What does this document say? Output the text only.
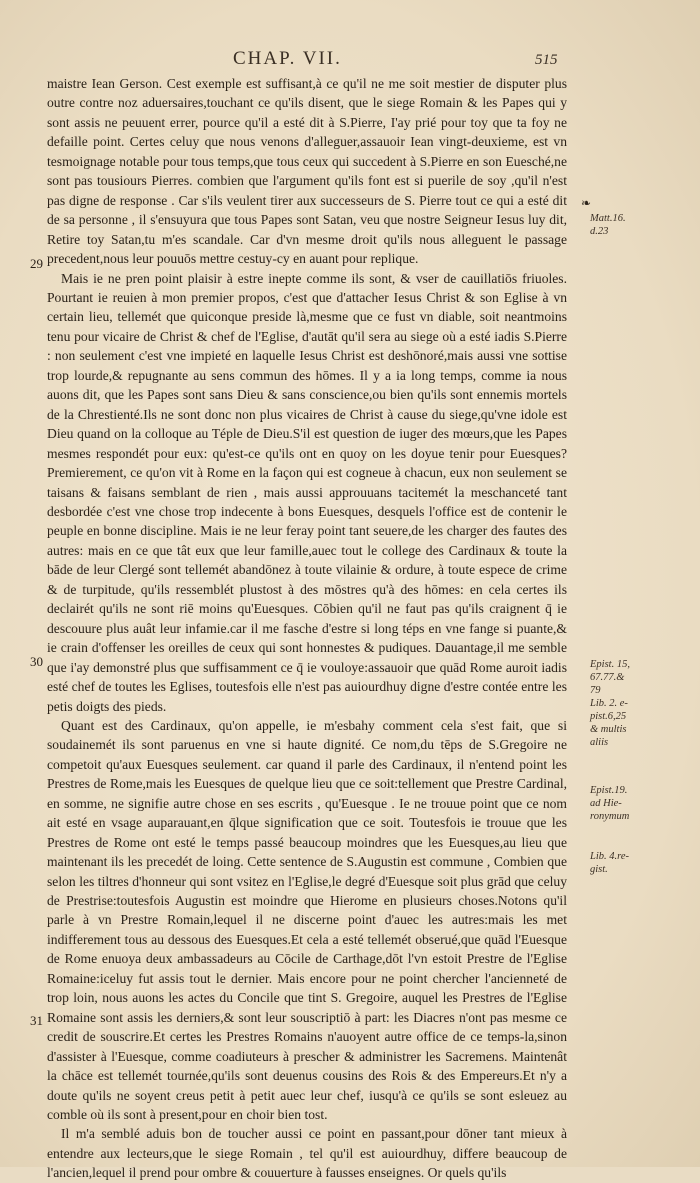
CHAP. VII.	515

maistre Iean Gerson. Cest exemple est suffisant,à ce qu'il ne me soit mestier de disputer plus outre contre noz aduersaires,touchant ce qu'ils disent, que le siege Romain & les Papes qui y sont assis ne peuuent errer, pource qu'il a esté dit à S.Pierre, I'ay prié pour toy que ta foy ne defaille point. Certes celuy que nous venons d'alleguer,assauoir Iean vingt-deuxieme, est vn tesmoignage notable pour tous temps,que tous ceux qui succedent à S.Pierre en son Euesché,ne sont pas tousiours Pierres. combien que l'argument qu'ils font est si puerile de soy ,qu'il n'est pas digne de response . Car s'ils veulent tirer aux successeurs de S. Pierre tout ce qui a esté dit de sa personne , il s'ensuyura que tous Papes sont Satan, veu que nostre Seigneur Iesus luy dit, Retire toy Satan,tu m'es scandale. Car d'vn mesme droit qu'ils nous alleguent le passage precedent,nous leur pouuōs mettre cestuy-cy en auant pour replique.

Mais ie ne pren point plaisir à estre inepte comme ils sont, & vser de cauillatiōs friuoles. Pourtant ie reuien à mon premier propos, c'est que d'attacher Iesus Christ & son Eglise à vn certain lieu, tellemét que quiconque preside là,mesme que ce fust vn diable, soit neantmoins tenu pour vicaire de Christ & chef de l'Eglise, d'autāt qu'il sera au siege où a esté iadis S.Pierre : non seulement c'est vne impieté en laquelle Iesus Christ est deshōnoré,mais aussi vne sottise trop lourde,& repugnante au sens commun des hōmes. Il y a ia long temps, comme ia nous auons dit, que les Papes sont sans Dieu & sans conscience,ou bien qu'ils sont ennemis mortels de la Chrestienté.Ils ne sont donc non plus vicaires de Christ à cause du siege,qu'vne idole est Dieu quand on la colloque au Téple de Dieu.S'il est question de iuger des mœurs,que les Papes mesmes respondét pour eux: qu'est-ce qu'ils ont en quoy on les doyue tenir pour Euesques? Premierement, ce qu'on vit à Rome en la façon qui est cogneue à chacun, eux non seulement se taisans & faisans semblant de rien , mais aussi approuuans tacitemét la meschanceté tant desbordée c'est vne chose trop indecente à bons Euesques, desquels l'office est de contenir le peuple en bonne discipline. Mais ie ne leur feray point tant seuere,de les charger des fautes des autres: mais en ce que tât eux que leur famille,auec tout le college des Cardinaux & toute la bāde de leur Clergé sont tellemét abandōnez à toute vilainie & ordure, à toute espece de crime & de turpitude, qu'ils ressemblét plustost à des mōstres qu'à des hōmes: en cela certes ils declairét qu'ils ne sont riē moins qu'Euesques. Cōbien qu'il ne faut pas qu'ils craignent q̄ ie descouure plus auât leur infamie.car il me fasche d'estre si long téps en vne fange si puante,& ie crain d'offenser les oreilles de ceux qui sont honnestes & pudiques. Dauantage,il me semble que i'ay demonstré plus que suffisamment ce q̄ ie vouloye:assauoir que quād Rome auroit iadis esté chef de toutes les Eglises, toutesfois elle n'est pas auiourdhuy digne d'estre contée entre les petis doigts des pieds.

Quant est des Cardinaux, qu'on appelle, ie m'esbahy comment cela s'est fait, que si soudainemét ils sont paruenus en vne si haute dignité. Ce nom,du tēps de S.Gregoire ne competoit qu'aux Euesques seulement. car quand il parle des Cardinaux, il n'entend point les Prestres de Rome,mais les Euesques de quelque lieu que ce soit:tellement que Prestre Cardinal, en somme, ne signifie autre chose en ses escrits , qu'Euesque . Ie ne trouue point que ce nom ait esté en vsage auparauant,en q̄lque signification que ce soit. Toutesfois ie trouue que les Prestres de Rome ont esté le temps passé beaucoup moindres que les Euesques,au lieu que maintenant ils les precedét de loing. Cette sentence de S.Augustin est commune , Combien que selon les tiltres d'honneur qui sont vsitez en l'Eglise,le degré d'Euesque soit plus grād que celuy de Prestrise:toutesfois Augustin est moindre que Hierome en plusieurs choses.Notons qu'il parle à vn Prestre Romain,lequel il ne discerne point d'auec les autres:mais les met indifferement tous au dessous des Euesques.Et cela a esté tellemét obserué,que quād l'Euesque de Rome enuoya deux ambassadeurs au Cōcile de Carthage,dōt l'vn estoit Prestre de l'Eglise Romaine:iceluy fut assis tout le dernier. Mais encore pour ne point chercher l'ancienneté de trop loin, nous auons les actes du Concile que tint S. Gregoire, auquel les Prestres de l'Eglise Romaine sont assis les derniers,& sont leur souscriptiō à part: les Diacres n'ont pas mesme ce credit de souscrire.Et certes les Prestres Romains n'auoyent autre office de ce temps-la,sinon d'assister à l'Euesque, comme coadiuteurs à prescher & administrer les Sacremens. Maintenât la chāce est tellemét tournée,qu'ils sont deuenus cousins des Rois & des Empereurs.Et n'y a doute qu'ils ne soyent creus petit à petit auec leur chef, iusqu'à ce qu'ils se sont esleuez au comble où ils sont à present,pour en choir bien tost.

Il m'a semblé aduis bon de toucher aussi ce point en passant,pour dōner tant mieux à entendre aux lecteurs,que le siege Romain , tel qu'il est auiourdhuy, differe beaucoup de l'ancien,lequel il prend pour ombre & couuerture à fausses enseignes. Or quels qu'ils

29
30
31
❧
Matt.16.
d.23
Epist. 15,
67.77.&
79
Lib. 2. e-
pist.6,25
& multis
aliis
Epist.19.
ad Hie-
ronymum
Lib. 4.re-
gist.
